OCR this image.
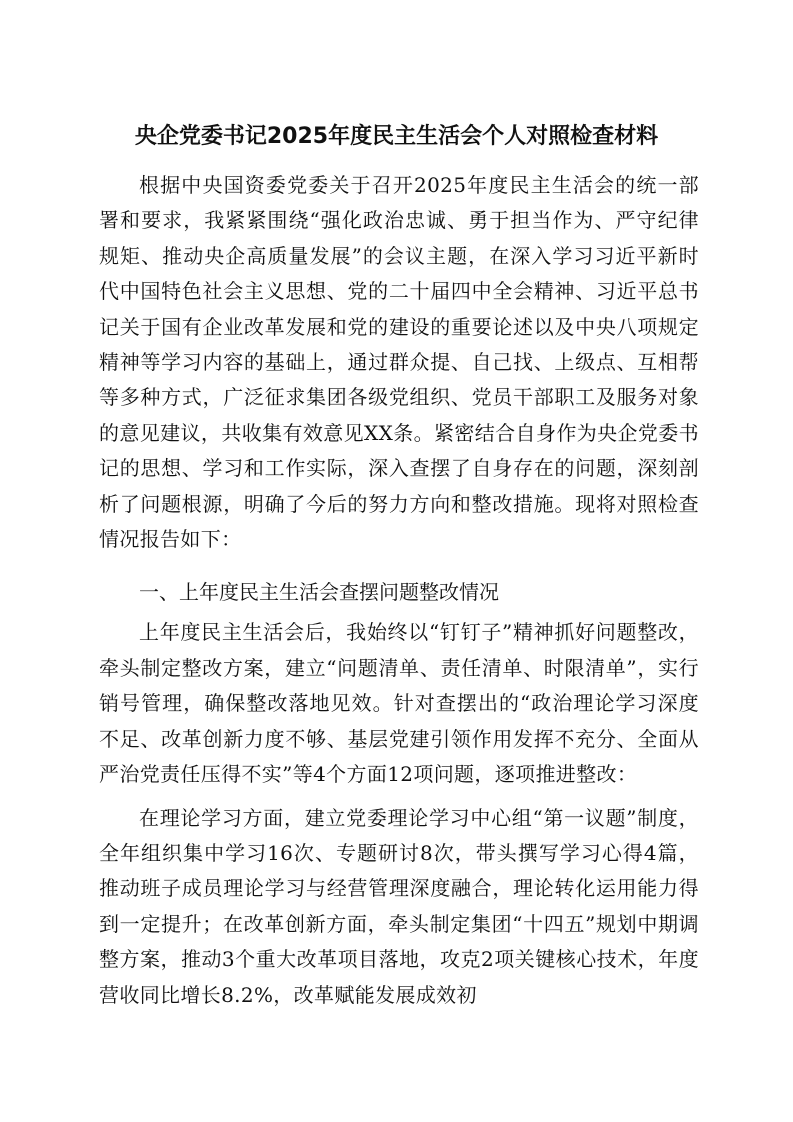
央企党委书记2025年度民主生活会个人对照检查材料

根据中央国资委党委关于召开2025年度民主生活会的统一部署和要求，我紧紧围绕“强化政治忠诚、勇于担当作为、严守纪律规矩、推动央企高质量发展”的会议主题，在深入学习习近平新时代中国特色社会主义思想、党的二十届四中全会精神、习近平总书记关于国有企业改革发展和党的建设的重要论述以及中央八项规定精神等学习内容的基础上，通过群众提、自己找、上级点、互相帮等多种方式，广泛征求集团各级党组织、党员干部职工及服务对象的意见建议，共收集有效意见XX条。紧密结合自身作为央企党委书记的思想、学习和工作实际，深入查摆了自身存在的问题，深刻剖析了问题根源，明确了今后的努力方向和整改措施。现将对照检查情况报告如下：

一、上年度民主生活会查摆问题整改情况

上年度民主生活会后，我始终以“钉钉子”精神抓好问题整改，牵头制定整改方案，建立“问题清单、责任清单、时限清单”，实行销号管理，确保整改落地见效。针对查摆出的“政治理论学习深度不足、改革创新力度不够、基层党建引领作用发挥不充分、全面从严治党责任压得不实”等4个方面12项问题，逐项推进整改：

在理论学习方面，建立党委理论学习中心组“第一议题”制度，全年组织集中学习16次、专题研讨8次，带头撰写学习心得4篇，推动班子成员理论学习与经营管理深度融合，理论转化运用能力得到一定提升；在改革创新方面，牵头制定集团“十四五”规划中期调整方案，推动3个重大改革项目落地，攻克2项关键核心技术，年度营收同比增长8.2%，改革赋能发展成效初
